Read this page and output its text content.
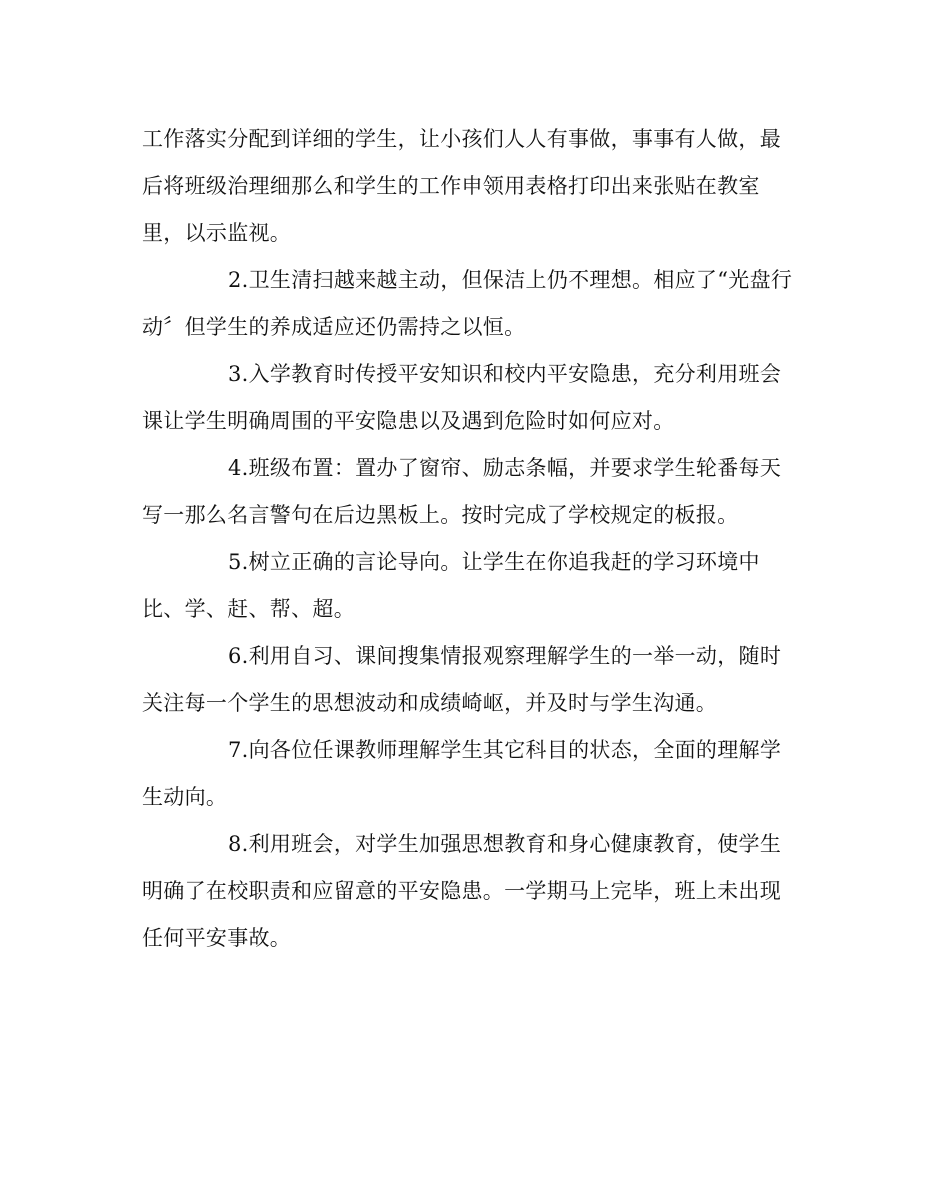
工作落实分配到详细的学生，让小孩们人人有事做，事事有人做，最
后将班级治理细那么和学生的工作申领用表格打印出来张贴在教室
里，以示监视。
2.卫生清扫越来越主动，但保洁上仍不理想。相应了“光盘行
动〞但学生的养成适应还仍需持之以恒。
3.入学教育时传授平安知识和校内平安隐患，充分利用班会
课让学生明确周围的平安隐患以及遇到危险时如何应对。
4.班级布置：置办了窗帘、励志条幅，并要求学生轮番每天
写一那么名言警句在后边黑板上。按时完成了学校规定的板报。
5.树立正确的言论导向。让学生在你追我赶的学习环境中
比、学、赶、帮、超。
6.利用自习、课间搜集情报观察理解学生的一举一动，随时
关注每一个学生的思想波动和成绩崎岖，并及时与学生沟通。
7.向各位任课教师理解学生其它科目的状态，全面的理解学
生动向。
8.利用班会，对学生加强思想教育和身心健康教育，使学生
明确了在校职责和应留意的平安隐患。一学期马上完毕，班上未出现
任何平安事故。
